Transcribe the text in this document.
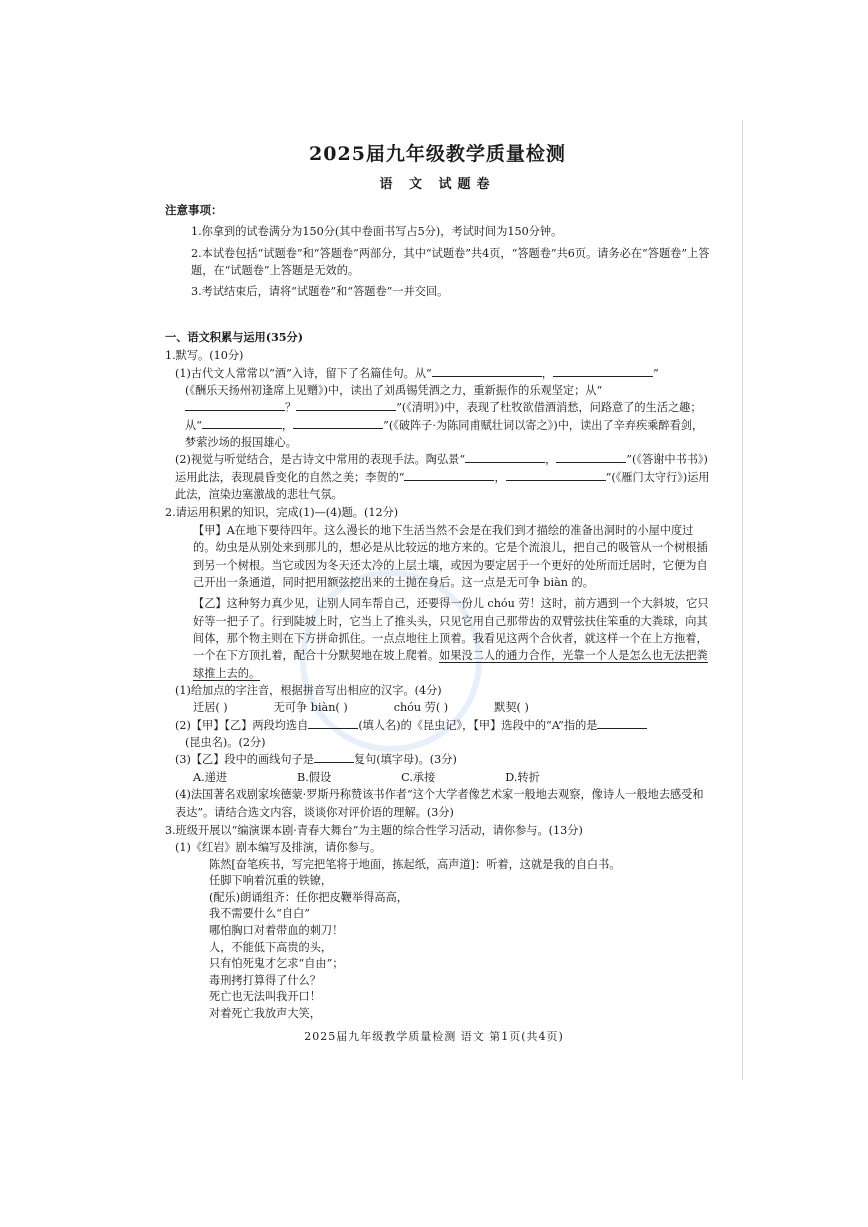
2025届九年级教学质量检测
语 文 试题卷
注意事项：
1.你拿到的试卷满分为150分(其中卷面书写占5分)，考试时间为150分钟。
2.本试卷包括“试题卷”和“答题卷”两部分，其中“试题卷”共4页，“答题卷”共6页。请务必在“答题卷”上答题，在“试题卷”上答题是无效的。
3.考试结束后，请将“试题卷”和“答题卷”一并交回。
一、语文积累与运用(35分)
1.默写。(10分)
(1)古代文人常常以“酒”入诗，留下了名篇佳句。从“	，	”
(《酬乐天扬州初逢席上见赠》)中，读出了刘禹锡凭酒之力，重新振作的乐观坚定；从“
？	”(《清明》)中，表现了杜牧欲借酒消愁，问路意了的生活之趣；从“	，	”(《破阵子·为陈同甫赋壮词以寄之》)中，读出了辛弃疾乘醉看剑，梦萦沙场的报国雄心。
(2)视觉与听觉结合，是古诗文中常用的表现手法。陶弘景“	，	”(《答谢中书书》)运用此法，表现晨昏变化的自然之美；李贺的“	，	”(《雁门太守行》)运用此法，渲染边塞激战的悲壮气氛。
2.请运用积累的知识，完成(1)—(4)题。(12分)
【甲】A在地下要待四年。这么漫长的地下生活当然不会是在我们到才描绘的准备出洞时的小屋中度过的。幼虫是从别处来到那儿的，想必是从比较远的地方来的。它是个流浪儿，把自己的吸管从一个树根插到另一个树根。当它或因为冬天还太冷的上层土壤，或因为要定居于一个更好的处所而迁居时，它便为自己开出一条通道，同时把用额弦挖出来的土抛在身后。这一点是无可争 biàn 的。
【乙】这种努力真少见，让别人同车帮自己，还要得一份儿 chóu 劳！这时，前方遇到一个大斜坡，它只好等一把子了。行到陡坡上时，它当上了推头头，只见它用自己那带齿的双臂弦扶住笨重的大粪球，向其间体，那个物主则在下方拼命抓住。一点点地往上顶着。我看见这两个合伙者，就这样一个在上方拖着，一个在下方顶扎着，配合十分默契地在坡上爬着。如果没二人的通力合作，光靠一个人是怎么也无法把粪球推上去的。
(1)给加点的字注音，根据拼音写出相应的汉字。(4分)
迁居( )	无可争 biàn( )	chóu 劳( )	默契( )
(2)【甲】【乙】两段均选自	(填人名)的《昆虫记》，【甲】选段中的“A”指的是
(昆虫名)。(2分)
(3)【乙】段中的画线句子是	复句(填字母)。(3分)
A.递进	B.假设	C.承接	D.转折
(4)法国著名戏剧家埃德蒙·罗斯丹称赞该书作者“这个大学者像艺术家一般地去观察，像诗人一般地去感受和表达”。请结合选文内容，谈谈你对评价语的理解。(3分)
3.班级开展以“编演课本剧·青春大舞台”为主题的综合性学习活动，请你参与。(13分)
(1)《红岩》剧本编写及排演，请你参与。
陈然[奋笔疾书，写完把笔将于地面，拣起纸，高声道]：听着，这就是我的自白书。
任脚下响着沉重的铁镣，
(配乐)朗诵组齐：任你把皮鞭举得高高，
我不需要什么“自白”
哪怕胸口对着带血的刺刀！
人，不能低下高贵的头，
只有怕死鬼才乞求“自由”；
毒刑拷打算得了什么？
死亡也无法叫我开口！
对着死亡我放声大笑，
2025届九年级教学质量检测 语文 第1页(共4页)
